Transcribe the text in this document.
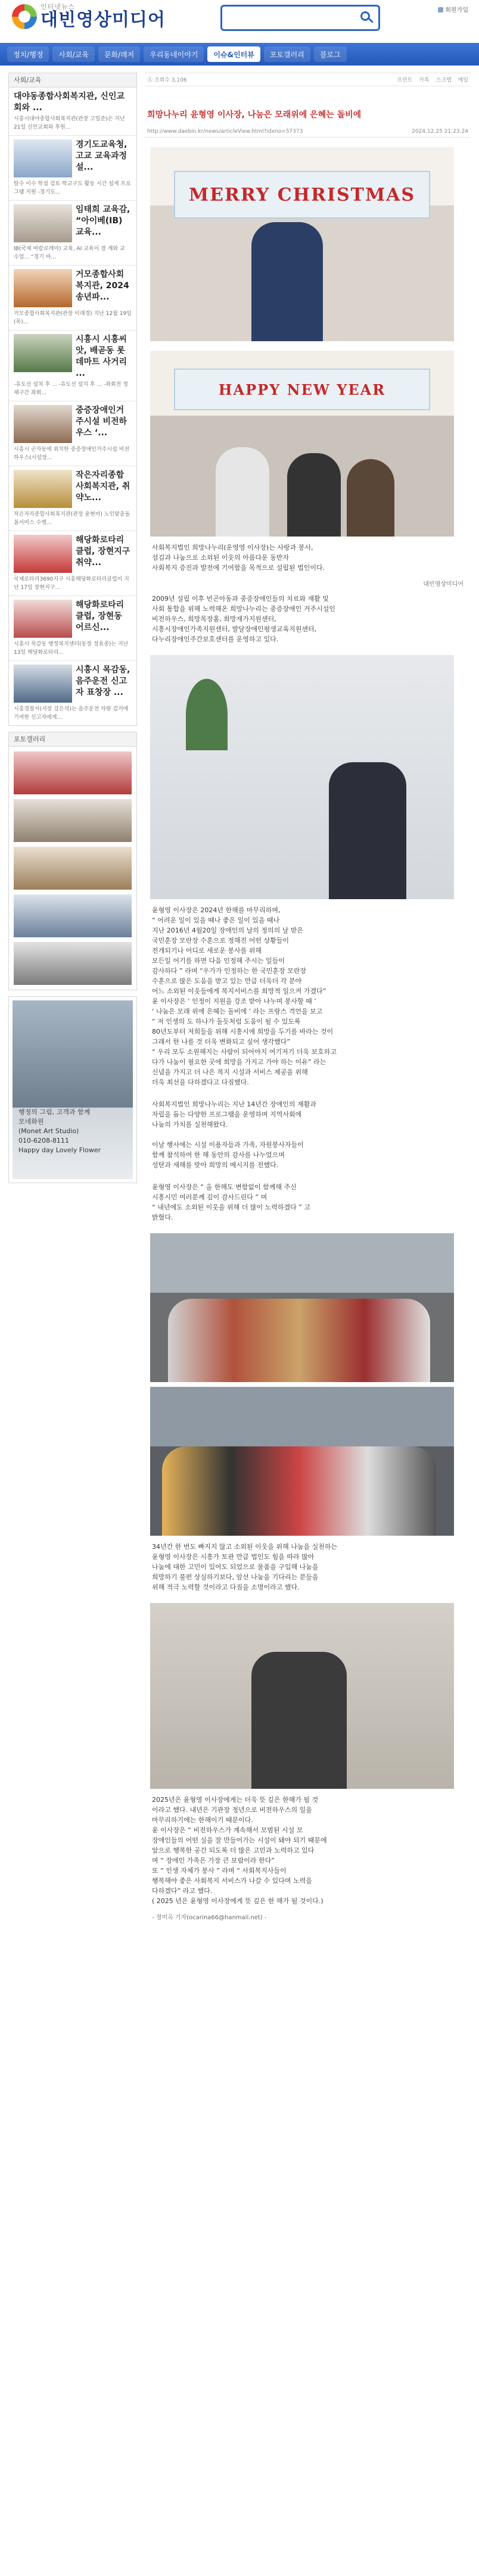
인터넷뉴스
대빈영상미디어	회원가입
정치/행정	사회/교육	문화/레저	우리동네이야기	이슈&인터뷰	포토갤러리	블로그
사회/교육
대야동종합사회복지관, 신인교회와 ...
시흥시대야종합사회복지관(관장 고일준)은 지난 21일 신인교회와 후원...
경기도교육청, 고교 교육과정 설...
탈수 이수 학점 검토·학교구도 활동 시간 설계 프로그램 지원 -경기도...
임태희 교육감, “아이베(IB) 교육...
IB(국제 바칼로레아) 교육, AI 교육이 결 계와 교 수업... “경기 바...
거모종합사회복지관, 2024 송년파...
거모종합사회복지관(관장 이래경) 지난 12월 19일(목)...
시흥시 시흥씨앗, 배곧동 롯데마트 사거리 ...
-유도선 설치 후 ... -유도선 설치 후 ... -좌회전 정체구간 좌회...
중증장애인거주시설 비전하우스 ‘...
시흥시 군자동에 위치한 중증장애인거주시설 비전하우스(시설장...
작은자리종합사회복지관, 취약노...
작은자리종합사회복지관(관장 윤현미) 노인맞춤돌봄서비스 수행...
해당화로타리클럽, 장현지구 취약...
국제로타리3690지구 시흥해당화로타리클럽이 지난 17일 장현지구...
해당화로타리클럽, 장현동 어르신...
시흥시 목감동 행정복지센터(동장 정효종)는 지난 13일 해당화로타리...
시흥시 목감동, 음주운전 신고자 표창장 ...
시흥경찰서(서장 강은석)는 음주운전 차량 검거에 기여한 신고자에게...
포토갤러리
행정의 그림, 고객과 함께
모네화원
(Monet Art Studio)
010-6208-8111
Happy day Lovely Flower
Ⓐ 조회수 3,106	프린트 카톡 스크랩 메일
희망나누리 윤형영 이사장, 나눔은 모래위에 은혜는 돌비에
http://www.daebin.kr/news/articleView.html?idxno=57373	2024.12.25 21:23:24
MERRY CHRISTMAS
HAPPY NEW YEAR
사회복지법인 희망나누리(운영영 이사장)는 사랑과 봉사,
섬김과 나눔으로 소외된 이웃의 아름다운 동반자
사회복지 증진과 발전에 기여함을 목적으로 설립된 법인이다.
대빈영상미디어
2009년 설립 이후 빈곤아동과 중증장애인들의 치료와 재활 및
사회 통합을 위해 노력해온 희망나누리는 중증장애인 거주시설인
비전하우스, 희망목장홈, 희망재가지원센터,
시흥시장애인가족지원센터, 발달장애인평생교육지원센터,
다누리장애인주간보호센터를 운영하고 있다.
윤형영 이사장은 2024년 한해를 마무리하며,
“ 어려운 일이 있을 때나 좋은 일이 있을 때나
지난 2016년 4월20일 장애인의 날의 정의의 날 받은
국민훈장 모란장 수훈으로 정해진 어떤 상황들이
전개되기나 어디로 새로운 봉사를 위해
모든일 어기를 하면 다음 인정해 주시는 일들이
감사하다 ” 라며 “우가가 인정하는 한 국민훈장 모란장
수훈으로 많은 도움을 받고 있는 만큼 더욱더 각 분야
어느 소외된 이웃들에게 복지서비스를 희망적 일으켜 가겠다”
윤 이사장은 ‘ 인정이 지원을 강조 받아 나누며 봉사할 때 ’
‘ 나눔은 모래 위에 은혜는 돌비에 ’ 라는 프랑스 격언을 보고
“ 저 인생의 도 하나가 돌듯처럼 도움이 될 수 있도록
80년도부터 저희들을 위해 시흥시에 희망을 두기를 바라는 것이
그래서 한 나를 것 더욱 변화되고 싶어 생각했다”
“ 우리 모두 소원해지는 사람이 되어야지 여기저기 더욱 보호하고
다가 나눔이 필요한 곳에 희망을 가지고 가야 하는 이유” 라는
신념을 가지고 더 나은 복지 시설과 서비스 제공을 위해
더욱 최선을 다하겠다고 다짐했다.
사회복지법인 희망나누리는 지난 14년간 장애인의 재활과
자립을 돕는 다양한 프로그램을 운영하며 지역사회에
나눔의 가치를 실천해왔다.

이날 행사에는 시설 이용자들과 가족, 자원봉사자들이
함께 참석하여 한 해 동안의 감사를 나누었으며
성탄과 새해를 맞아 희망의 메시지를 전했다.
윤형영 이사장은 “ 올 한해도 변함없이 함께해 주신
시흥시민 여러분께 깊이 감사드린다 ” 며
“ 내년에도 소외된 이웃을 위해 더 많이 노력하겠다 ” 고
밝혔다.
34년간 한 번도 빠지지 않고 소외된 이웃을 위해 나눔을 실천하는
윤형영 이사장은 시흥가 토관 만큼 법인도 힘을 따라 많아
나눔에 대한 고민이 있어도 되었으로 물품을 구입해 나눔을
희망하기 불편 상실하기보다, 앞선 나눔을 기다리는 분들을
위해 적극 노력할 것이라고 다짐을 소명이라고 했다.
2025년은 윤형영 이사장에게는 더욱 뜻 깊은 한해가 될 것
이라고 했다. 내년은 기관장 정년으로 비전하우스의 일을
마무리하기에는 한해이기 때문이다.
윤 이사장은 “ 비전하우스가 계속해서 모범된 시설 모
장애인들의 어떤 실을 잘 만들어가는 시설이 돼야 되기 때문에
앞으로 행복한 공간 되도록 더 많은 고민과 노력하고 있다
며 “ 장애인 가족은 가장 큰 보람이라 한다”
또 “ 인생 자체가 봉사 ” 라며 “ 사회복지사들이
행복해야 좋은 사회복지 서비스가 나갈 수 있다며 노력을
다하겠다” 라고 했다.
( 2025 년은 윤형영 이사장에게 뜻 깊은 한 해가 될 것이다.)
- 정미옥 기자(ocarina66@hanmail.net) -
